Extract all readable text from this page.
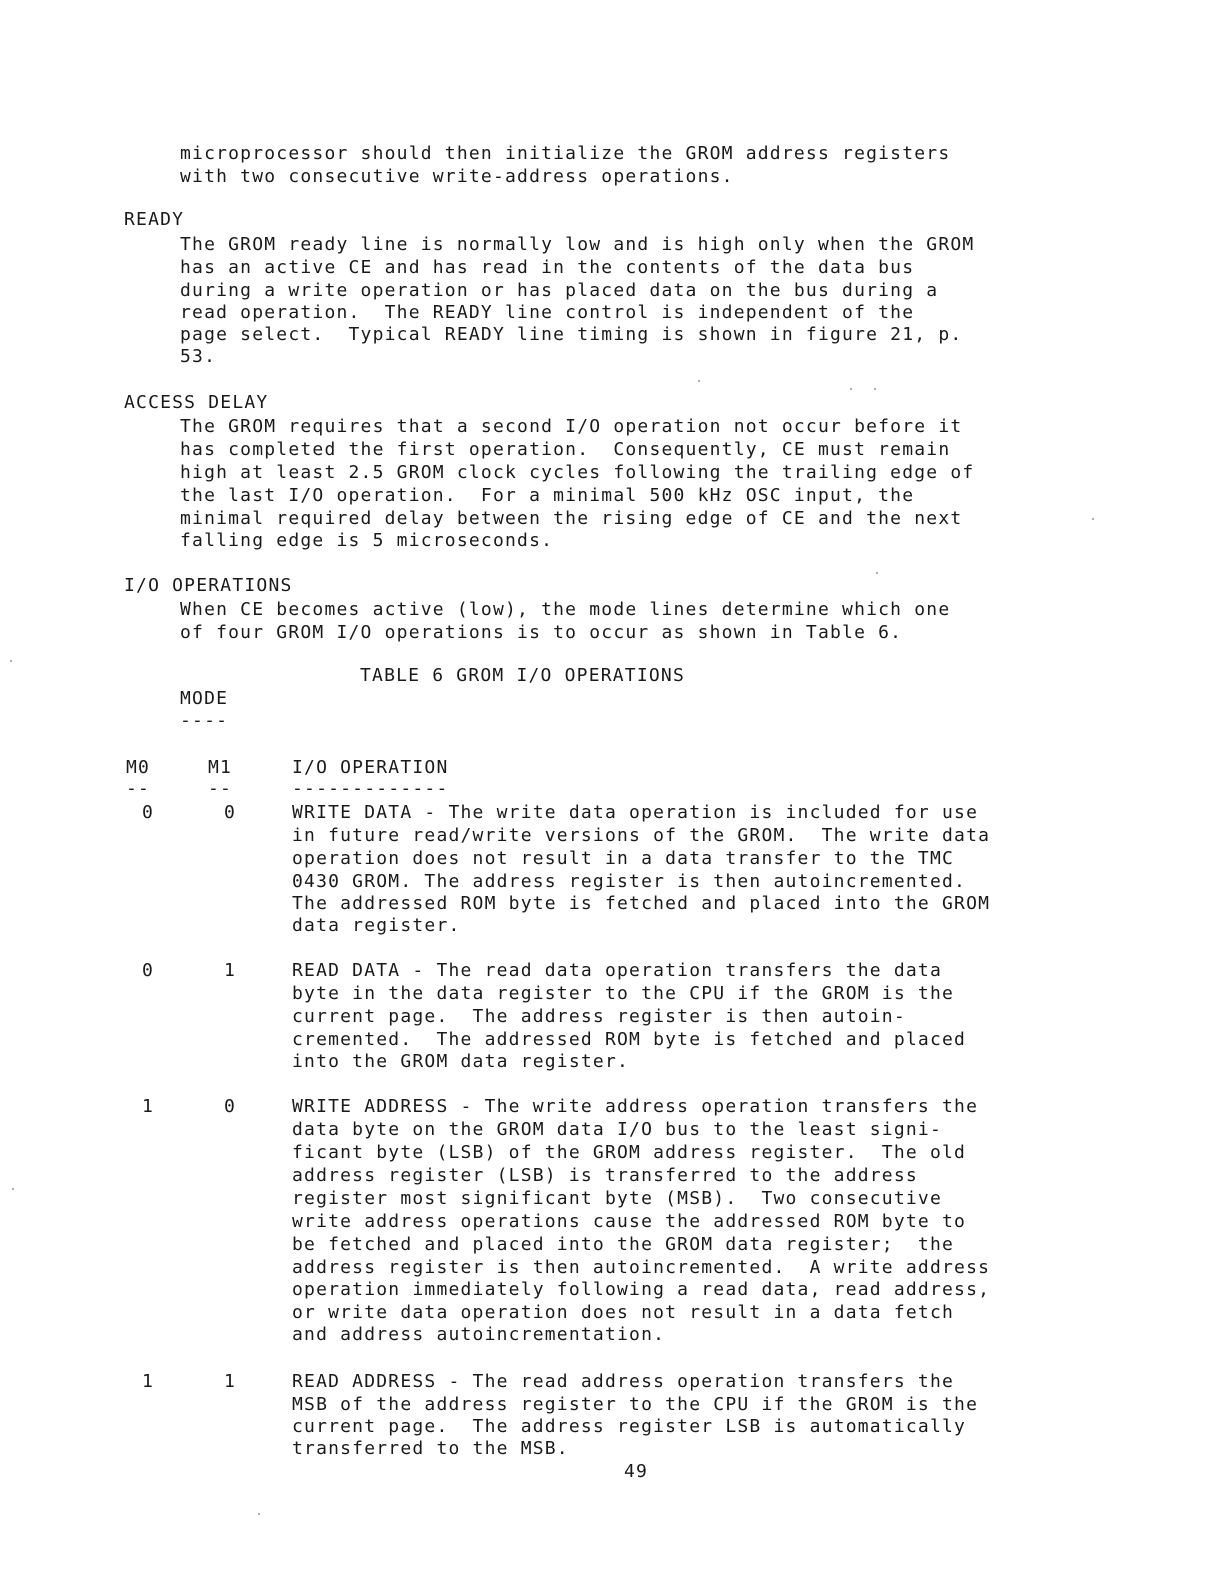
microprocessor should then initialize the GROM address registers
with two consecutive write-address operations.
READY
The GROM ready line is normally low and is high only when the GROM
has an active CE and has read in the contents of the data bus
during a write operation or has placed data on the bus during a
read operation.  The READY line control is independent of the
page select.  Typical READY line timing is shown in figure 21, p.
53.
ACCESS DELAY
The GROM requires that a second I/O operation not occur before it
has completed the first operation.  Consequently, CE must remain
high at least 2.5 GROM clock cycles following the trailing edge of
the last I/O operation.  For a minimal 500 kHz OSC input, the
minimal required delay between the rising edge of CE and the next
falling edge is 5 microseconds.
I/O OPERATIONS
When CE becomes active (low), the mode lines determine which one
of four GROM I/O operations is to occur as shown in Table 6.
TABLE 6 GROM I/O OPERATIONS
MODE
----
M0	M1	I/O OPERATION
--	--	-------------
0	0	WRITE DATA - The write data operation is included for use
in future read/write versions of the GROM.  The write data
operation does not result in a data transfer to the TMC
0430 GROM. The address register is then autoincremented.
The addressed ROM byte is fetched and placed into the GROM
data register.
0	1	READ DATA - The read data operation transfers the data
byte in the data register to the CPU if the GROM is the
current page.  The address register is then autoin-
cremented.  The addressed ROM byte is fetched and placed
into the GROM data register.
1	0	WRITE ADDRESS - The write address operation transfers the
data byte on the GROM data I/O bus to the least signi-
ficant byte (LSB) of the GROM address register.  The old
address register (LSB) is transferred to the address
register most significant byte (MSB).  Two consecutive
write address operations cause the addressed ROM byte to
be fetched and placed into the GROM data register;  the
address register is then autoincremented.  A write address
operation immediately following a read data, read address,
or write data operation does not result in a data fetch
and address autoincrementation.
1	1	READ ADDRESS - The read address operation transfers the
MSB of the address register to the CPU if the GROM is the
current page.  The address register LSB is automatically
transferred to the MSB.
49
